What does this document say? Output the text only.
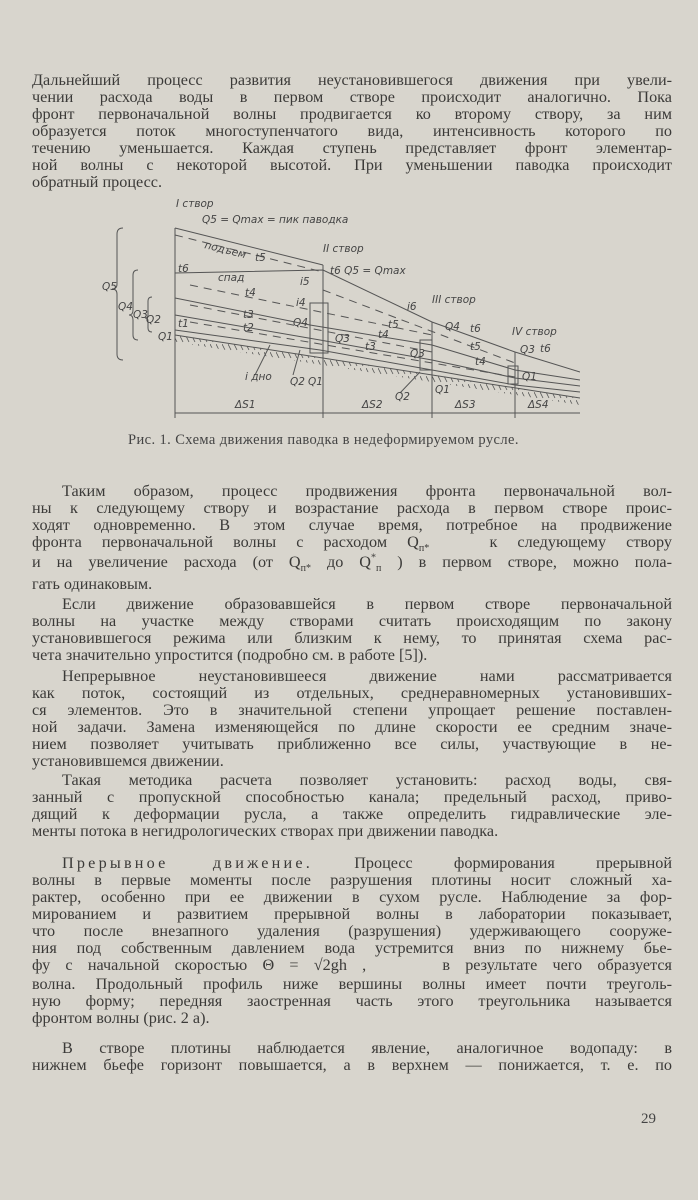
Дальнейший процесс развития неустановившегося движения при увели-
чении расхода воды в первом створе происходит аналогично. Пока
фронт первоначальной волны продвигается ко второму створу, за ним
образуется поток многоступенчатого вида, интенсивность которого по
течению уменьшается. Каждая ступень представляет фронт элементар-
ной волны с некоторой высотой. При уменьшении паводка происходит
обратный процесс.
I створ
Q5 = Qmax = пик паводка
подъем t5
II створ
t6 Q5 = Qmax
t6
спад	i5
t4
i4
t3
Q4
t2
t1
Q5
Q4
Q3
Q2
Q1	Q3
i дно Q2 Q1
i6
III створ
Q4 t6
t5
t4
t3
Q3
Q2
Q1
t5
t4
IV створ
Q3 t6
Q1
ΔS1	ΔS2	ΔS3	ΔS4
Рис. 1. Схема движения паводка в недеформируемом русле.
Таким образом, процесс продвижения фронта первоначальной вол-
ны к следующему створу и возрастание расхода в первом створе проис-
ходят одновременно. В этом случае время, потребное на продвижение
фронта первоначальной волны с расходом $Q_{п*}$	к следующему створу
и на увеличение расхода (от $Q_{п*}$ до $Q^*_п$ ) в первом створе, можно пола-
гать одинаковым.
Если движение образовавшейся в первом створе первоначальной
волны на участке между створами считать происходящим по закону
установившегося режима или близким к нему, то принятая схема рас-
чета значительно упростится (подробно см. в работе [5]).
Непрерывное неустановившееся движение нами рассматривается
как поток, состоящий из отдельных, среднеравномерных установивших-
ся элементов. Это в значительной степени упрощает решение поставлен-
ной задачи. Замена изменяющейся по длине скорости ее средним значе-
нием позволяет учитывать приближенно все силы, участвующие в не-
установившемся движении.
Такая методика расчета позволяет установить: расход воды, свя-
занный с пропускной способностью канала; предельный расход, приво-
дящий к деформации русла, а также определить гидравлические эле-
менты потока в негидрологических створах при движении паводка.
Прерывное движение.	Процесс формирования прерывной
волны в первые моменты после разрушения плотины носит сложный ха-
рактер, особенно при ее движении в сухом русле. Наблюдение за фор-
мированием и развитием прерывной волны в лаборатории показывает,
что после внезапного удаления (разрушения) удерживающего сооруже-
ния под собственным давлением вода устремится вниз по нижнему бье-
фу с начальной скоростью Θ = √2gh ,	в результате чего образуется
волна. Продольный профиль ниже вершины волны имеет почти треуголь-
ную форму; передняя заостренная часть этого треугольника называется
фронтом волны (рис. 2 а).
В створе плотины наблюдается явление, аналогичное водопаду: в
нижнем бьефе горизонт повышается, а в верхнем — понижается, т. е. по
29
